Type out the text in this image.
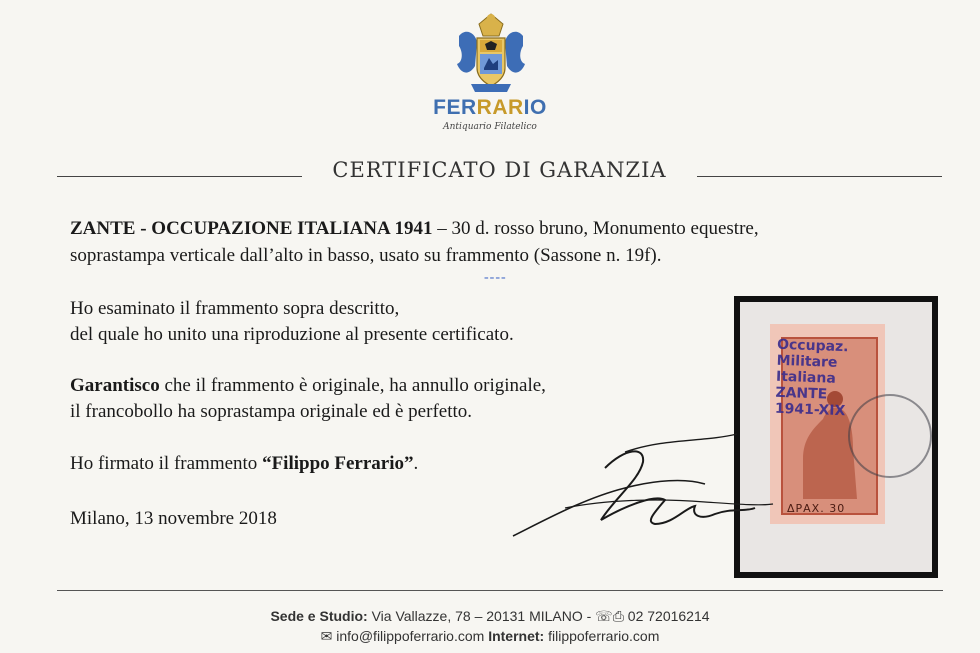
FERRARIO
Antiquario Filatelico
CERTIFICATO DI GARANZIA
ZANTE - OCCUPAZIONE ITALIANA 1941 – 30 d. rosso bruno, Monumento equestre,
soprastampa verticale dall’alto in basso, usato su frammento (Sassone n. 19f).
----
Ho esaminato il frammento sopra descritto,
del quale ho unito una riproduzione al presente certificato.
Garantisco che il frammento è originale, ha annullo originale,
il francobollo ha soprastampa originale ed è perfetto.
Ho firmato il frammento “Filippo Ferrario”.
Milano, 13 novembre 2018	ΔΡΑΧ. 30
Occupaz.
Militare
Italiana
ZANTE
1941-XIX
Sede e Studio: Via Vallazze, 78 – 20131 MILANO - ☏⎙ 02 72016214
✉ info@filippoferrario.com Internet: filippoferrario.com
